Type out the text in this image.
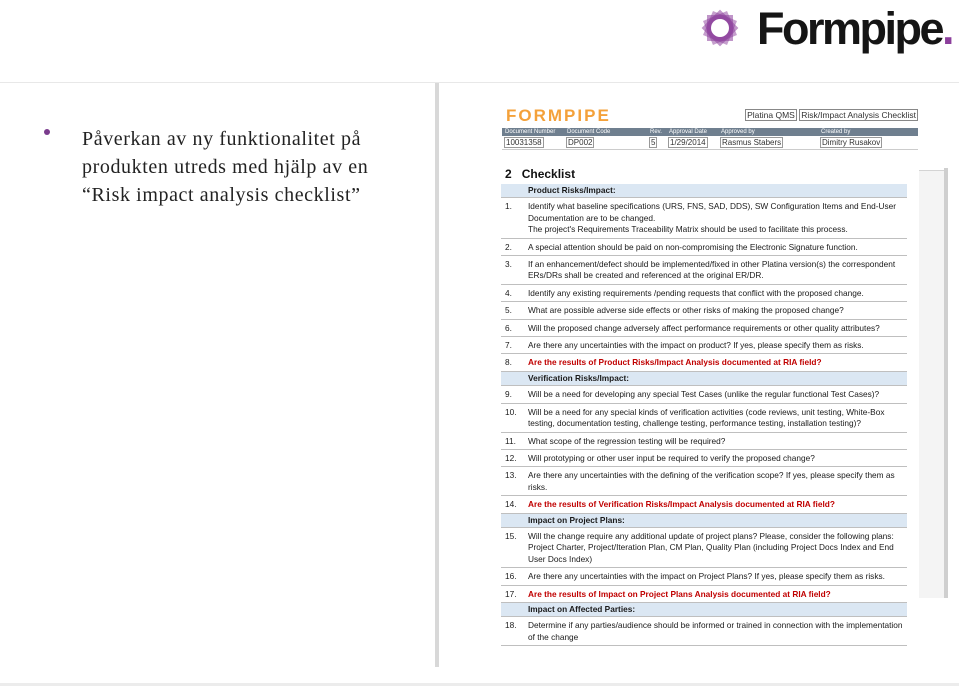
Formpipe.
Påverkan av ny funktionalitet på produkten utreds med hjälp av en “Risk impact analysis checklist”
FORMPIPE	Platina QMS Risk/Impact Analysis Checklist
Document Number	Document Code	Rev.	Approval Date	Approved by	Created by
10031358	DP002	5	1/29/2014	Rasmus Stabers	Dimitry Rusakov
2 Checklist

	Product Risks/Impact:

1.	Identify what baseline specifications (URS, FNS, SAD, DDS), SW Configuration Items and End-User Documentation are to be changed.
The project's Requirements Traceability Matrix should be used to facilitate this process.

2.	A special attention should be paid on non-compromising the Electronic Signature function.

3.	If an enhancement/defect should be implemented/fixed in other Platina version(s) the correspondent ERs/DRs shall be created and referenced at the original ER/DR.

4.	Identify any existing requirements /pending requests that conflict with the proposed change.

5.	What are possible adverse side effects or other risks of making the proposed change?

6.	Will the proposed change adversely affect performance requirements or other quality attributes?

7.	Are there any uncertainties with the impact on product? If yes, please specify them as risks.

8.	Are the results of Product Risks/Impact Analysis documented at RIA field?

	Verification Risks/Impact:

9.	Will be a need for developing any special Test Cases (unlike the regular functional Test Cases)?

10.	Will be a need for any special kinds of verification activities (code reviews, unit testing, White-Box testing, documentation testing, challenge testing, performance testing, installation testing)?

11.	What scope of the regression testing will be required?

12.	Will prototyping or other user input be required to verify the proposed change?

13.	Are there any uncertainties with the defining of the verification scope? If yes, please specify them as risks.

14.	Are the results of Verification Risks/Impact Analysis documented at RIA field?

	Impact on Project Plans:

15.	Will the change require any additional update of project plans? Please, consider the following plans: Project Charter, Project/Iteration Plan, CM Plan, Quality Plan (including Project Docs Index and End User Docs Index)

16.	Are there any uncertainties with the impact on Project Plans? If yes, please specify them as risks.

17.	Are the results of Impact on Project Plans Analysis documented at RIA field?

	Impact on Affected Parties:

18.	Determine if any parties/audience should be informed or trained in connection with the implementation of the change
